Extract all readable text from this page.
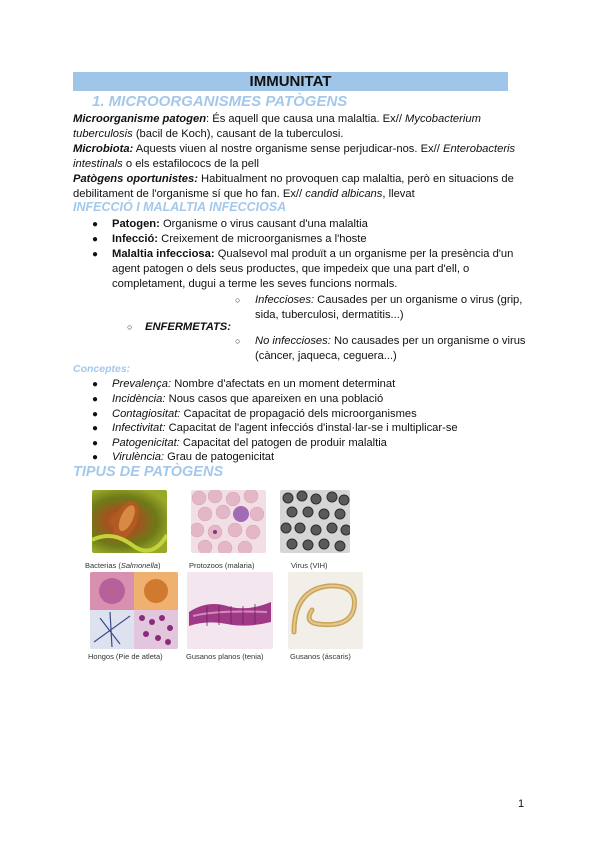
IMMUNITAT
1. MICROORGANISMES PATÒGENS
Microorganisme patogen: És aquell que causa una malaltia. Ex// Mycobacterium tuberculosis (bacil de Koch), causant de la tuberculosi.
Microbiota: Aquests viuen al nostre organisme sense perjudicar-nos. Ex// Enterobacteris intestinals o els estafilococs de la pell
Patògens oportunistes: Habitualment no provoquen cap malaltia, però en situacions de debilitament de l'organisme sí que ho fan. Ex// candid albicans, llevat
INFECCIÓ I MALALTIA INFECCIOSA
● Patogen: Organisme o virus causant d'una malaltia
● Infecció: Creixement de microorganismes a l'hoste
● Malaltia infecciosa: Qualsevol mal produït a un organisme per la presència d'un agent patogen o dels seus productes, que impedeix que una part d'ell, o completament, dugui a terme les seves funcions normals.
○ Infeccioses: Causades per un organisme o virus (grip, sida, tuberculosi, dermatitis...)
○ ENFERMETATS:
○ No infeccioses: No causades per un organisme o virus (càncer, jaqueca, ceguera...)
Conceptes:
● Prevalença: Nombre d'afectats en un moment determinat
● Incidència: Nous casos que apareixen en una població
● Contagiositat: Capacitat de propagació dels microorganismes
● Infectivitat: Capacitat de l'agent infecciós d'instal·lar-se i multiplicar-se
● Patogenicitat: Capacitat del patogen de produir malaltia
● Virulència: Grau de patogenicitat
TIPUS DE PATÒGENS
Bacterias (Salmonella)	Protozoos (malaria)	Virus (VIH)
Hongos (Pie de atleta)	Gusanos planos (tenia)	Gusanos (áscaris)
1
